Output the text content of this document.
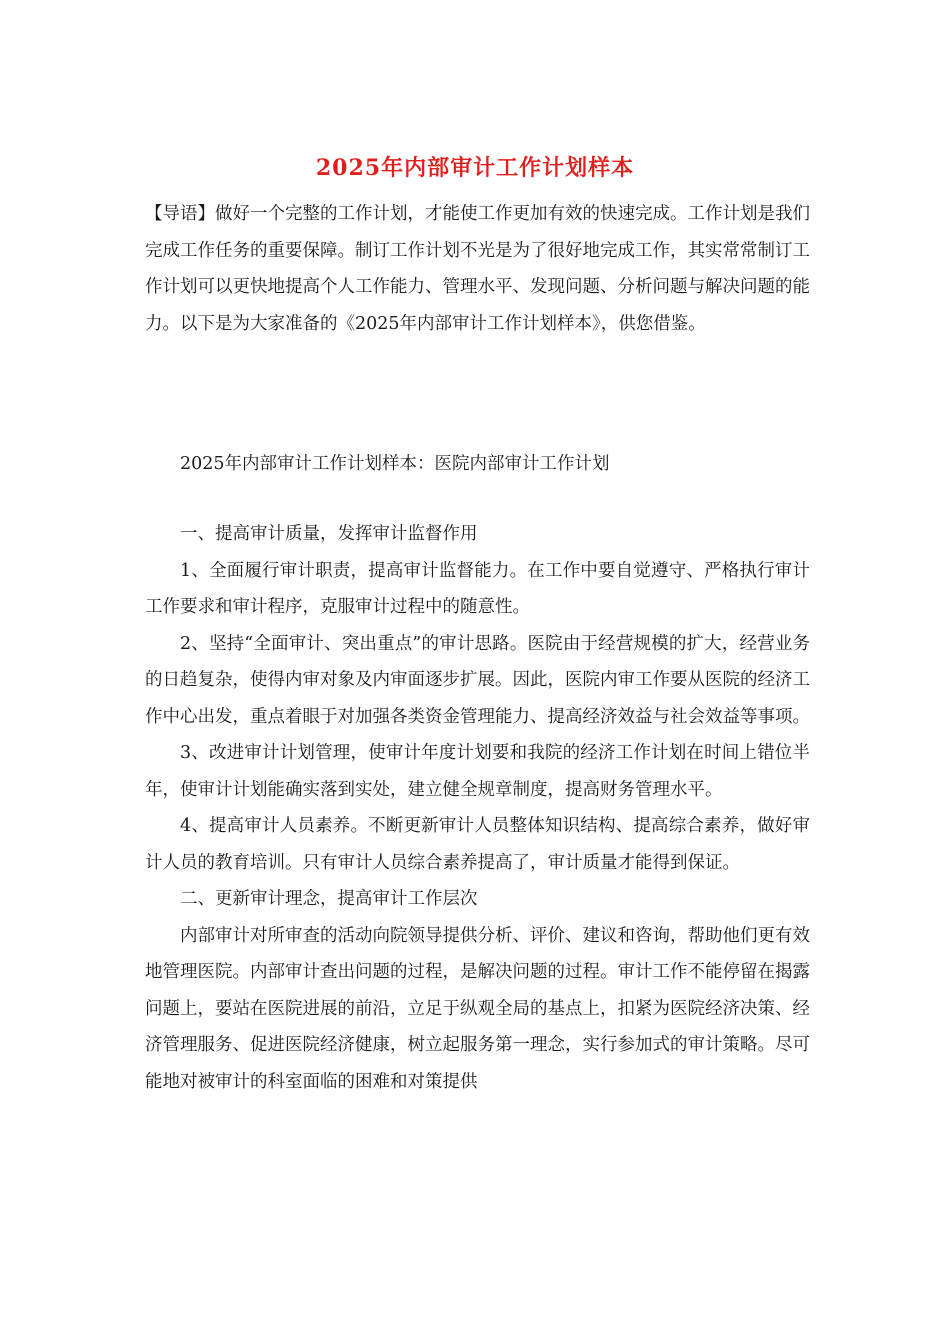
2025年内部审计工作计划样本
【导语】做好一个完整的工作计划，才能使工作更加有效的快速完成。工作计划是我们完成工作任务的重要保障。制订工作计划不光是为了很好地完成工作，其实常常制订工作计划可以更快地提高个人工作能力、管理水平、发现问题、分析问题与解决问题的能力。以下是为大家准备的《2025年内部审计工作计划样本》，供您借鉴。
2025年内部审计工作计划样本：医院内部审计工作计划

一、提高审计质量，发挥审计监督作用

1、全面履行审计职责，提高审计监督能力。在工作中要自觉遵守、严格执行审计工作要求和审计程序，克服审计过程中的随意性。

2、坚持“全面审计、突出重点”的审计思路。医院由于经营规模的扩大，经营业务的日趋复杂，使得内审对象及内审面逐步扩展。因此，医院内审工作要从医院的经济工作中心出发，重点着眼于对加强各类资金管理能力、提高经济效益与社会效益等事项。

3、改进审计计划管理，使审计年度计划要和我院的经济工作计划在时间上错位半年，使审计计划能确实落到实处，建立健全规章制度，提高财务管理水平。

4、提高审计人员素养。不断更新审计人员整体知识结构、提高综合素养，做好审计人员的教育培训。只有审计人员综合素养提高了，审计质量才能得到保证。

二、更新审计理念，提高审计工作层次

内部审计对所审查的活动向院领导提供分析、评价、建议和咨询，帮助他们更有效地管理医院。内部审计查出问题的过程，是解决问题的过程。审计工作不能停留在揭露问题上，要站在医院进展的前沿，立足于纵观全局的基点上，扣紧为医院经济决策、经济管理服务、促进医院经济健康，树立起服务第一理念，实行参加式的审计策略。尽可能地对被审计的科室面临的困难和对策提供
